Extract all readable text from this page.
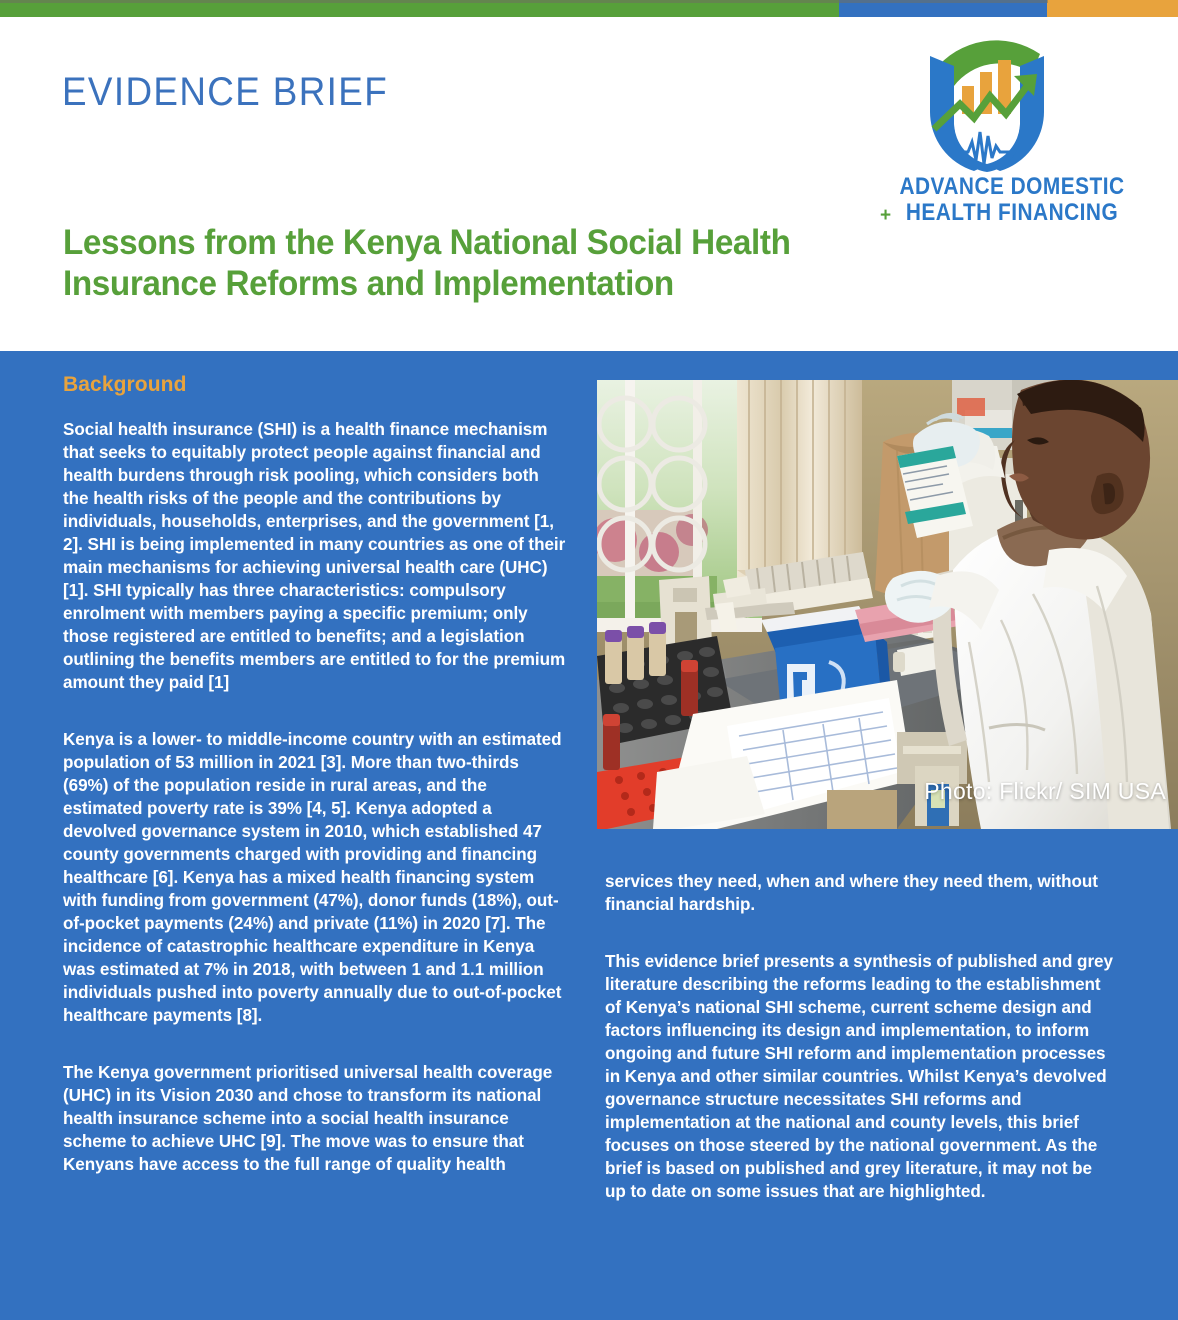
EVIDENCE BRIEF
ADVANCE DOMESTIC
HEALTH FINANCING
+
Lessons from the Kenya National Social Health
Insurance Reforms and Implementation
Background

Social health insurance (SHI) is a health finance mechanism that seeks to equitably protect people against financial and health burdens through risk pooling, which considers both the health risks of the people and the contributions by individuals, households, enterprises, and the government [1, 2]. SHI is being implemented in many countries as one of their main mechanisms for achieving universal health care (UHC) [1]. SHI typically has three characteristics: compulsory enrolment with members paying a specific premium; only those registered are entitled to benefits; and a legislation outlining the benefits members are entitled to for the premium amount they paid [1]

Kenya is a lower- to middle-income country with an estimated population of 53 million in 2021 [3]. More than two-thirds (69%) of the population reside in rural areas, and the estimated poverty rate is 39% [4, 5]. Kenya adopted a devolved governance system in 2010, which established 47 county governments charged with providing and financing healthcare [6]. Kenya has a mixed health financing system with funding from government (47%), donor funds (18%), out-of-pocket payments (24%) and private (11%) in 2020 [7]. The incidence of catastrophic healthcare expenditure in Kenya was estimated at 7% in 2018, with between 1 and 1.1 million individuals pushed into poverty annually due to out-of-pocket healthcare payments [8].

The Kenya government prioritised universal health coverage (UHC) in its Vision 2030 and chose to transform its national health insurance scheme into a social health insurance scheme to achieve UHC [9]. The move was to ensure that Kenyans have access to the full range of quality health

services they need, when and where they need them, without financial hardship.

This evidence brief presents a synthesis of published and grey literature describing the reforms leading to the establishment of Kenya’s national SHI scheme, current scheme design and factors influencing its design and implementation, to inform ongoing and future SHI reform and implementation processes in Kenya and other similar countries. Whilst Kenya’s devolved governance structure necessitates SHI reforms and implementation at the national and county levels, this brief focuses on those steered by the national government. As the brief is based on published and grey literature, it may not be up to date on some issues that are highlighted.

Photo: Flickr/ SIM USA
